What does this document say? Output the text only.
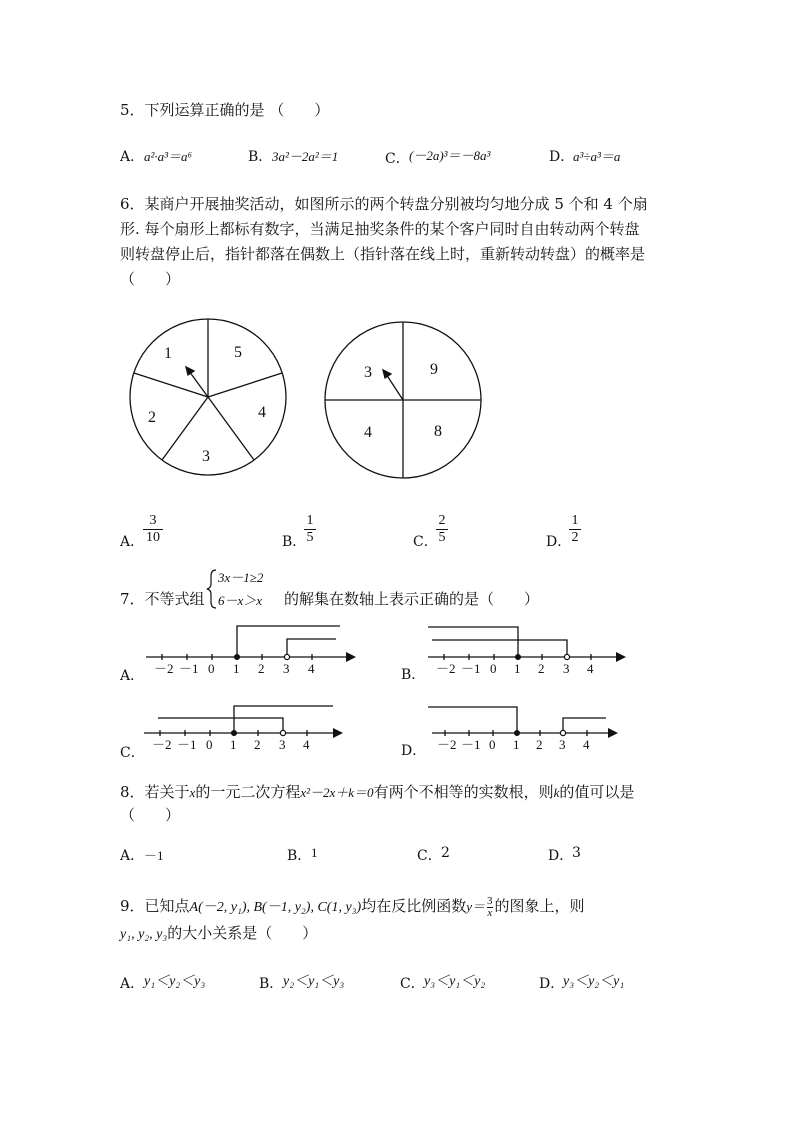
5．下列运算正确的是 （　　）
A． a²·a³＝a⁶	B． 3a²－2a²＝1	C． (－2a)³＝－8a³	D．
a³÷a³＝a
6．某商户开展抽奖活动，如图所示的两个转盘分别被均匀地分成 5 个和 4 个扇
形. 每个扇形上都标有数字，当满足抽奖条件的某个客户同时自由转动两个转盘
则转盘停止后，指针都落在偶数上（指针落在线上时，重新转动转盘）的概率是
（　　）
1	5
4
3
2
3	9
8
4
－2 －1 0 1 2 3 4	－2 －1 0 1 2 3 4
－2 －1 0 1 2 3 4	－2 －1 0 1 2 3 4
A．
3
10	B．
1
5	C．
2
5	D．
1
2
7．不等式组
3x－1≥2
6－x＞x 的解集在数轴上表示正确的是（　　）
A．	B．
C．	D．
8．若关于x的一元二次方程x²－2x＋k＝0有两个不相等的实数根，则k的值可以是
（　　）
A． －1	B． 1	C． 2	D．
3
9．已知点A(－2, y₁), B(－1, y₂), C(1, y₃)均在反比例函数$y= \frac{3}{x}$ 的图象上，则
y₁, y₂, y₃的大小关系是（　　）
A． y₁＜y₂＜y₃	B． y₂＜y₁＜y₃	C． y₃＜y₁＜y₂	D．
y₃＜y₂＜y₁
